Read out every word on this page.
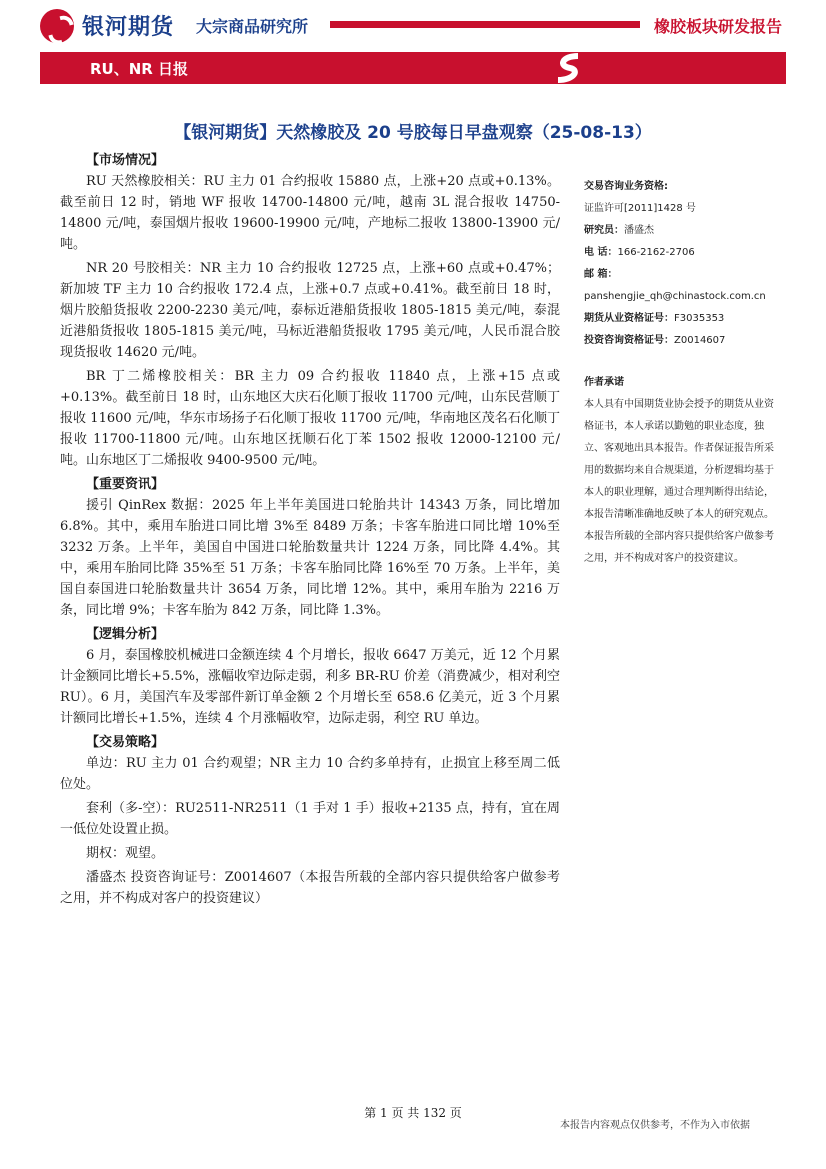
银河期货 大宗商品研究所	橡胶板块研发报告
RU、NR 日报
【银河期货】天然橡胶及 20 号胶每日早盘观察（25-08-13）

【市场情况】

RU 天然橡胶相关：RU 主力 01 合约报收 15880 点，上涨+20 点或+0.13%。截至前日 12 时，销地 WF 报收 14700-14800 元/吨，越南 3L 混合报收 14750-14800 元/吨，泰国烟片报收 19600-19900 元/吨，产地标二报收 13800-13900 元/吨。

NR 20 号胶相关：NR 主力 10 合约报收 12725 点，上涨+60 点或+0.47%；新加坡 TF 主力 10 合约报收 172.4 点，上涨+0.7 点或+0.41%。截至前日 18 时，烟片胶船货报收 2200-2230 美元/吨，泰标近港船货报收 1805-1815 美元/吨，泰混近港船货报收 1805-1815 美元/吨，马标近港船货报收 1795 美元/吨，人民币混合胶现货报收 14620 元/吨。

BR 丁二烯橡胶相关：BR 主力 09 合约报收 11840 点，上涨+15 点或+0.13%。截至前日 18 时，山东地区大庆石化顺丁报收 11700 元/吨，山东民营顺丁报收 11600 元/吨，华东市场扬子石化顺丁报收 11700 元/吨，华南地区茂名石化顺丁报收 11700-11800 元/吨。山东地区抚顺石化丁苯 1502 报收 12000-12100 元/吨。山东地区丁二烯报收 9400-9500 元/吨。

【重要资讯】

援引 QinRex 数据：2025 年上半年美国进口轮胎共计 14343 万条，同比增加 6.8%。其中，乘用车胎进口同比增 3%至 8489 万条；卡客车胎进口同比增 10%至 3232 万条。上半年，美国自中国进口轮胎数量共计 1224 万条，同比降 4.4%。其中，乘用车胎同比降 35%至 51 万条；卡客车胎同比降 16%至 70 万条。上半年，美国自泰国进口轮胎数量共计 3654 万条，同比增 12%。其中，乘用车胎为 2216 万条，同比增 9%；卡客车胎为 842 万条，同比降 1.3%。

【逻辑分析】

6 月，泰国橡胶机械进口金额连续 4 个月增长，报收 6647 万美元，近 12 个月累计金额同比增长+5.5%，涨幅收窄边际走弱，利多 BR-RU 价差（消费减少，相对利空 RU）。6 月，美国汽车及零部件新订单金额 2 个月增长至 658.6 亿美元，近 3 个月累计额同比增长+1.5%，连续 4 个月涨幅收窄，边际走弱，利空 RU 单边。

【交易策略】

单边：RU 主力 01 合约观望；NR 主力 10 合约多单持有，止损宜上移至周二低位处。

套利（多-空）：RU2511-NR2511（1 手对 1 手）报收+2135 点，持有，宜在周一低位处设置止损。

期权：观望。

潘盛杰 投资咨询证号：Z0014607（本报告所载的全部内容只提供给客户做参考之用，并不构成对客户的投资建议）

交易咨询业务资格:

证监许可[2011]1428 号

研究员：潘盛杰

电 话：166-2162-2706

邮 箱：

panshengjie_qh@chinastock.com.cn

期货从业资格证号：F3035353

投资咨询资格证号：Z0014607

作者承诺

本人具有中国期货业协会授予的期货从业资格证书，本人承诺以勤勉的职业态度，独立、客观地出具本报告。作者保证报告所采用的数据均来自合规渠道，分析逻辑均基于本人的职业理解，通过合理判断得出结论，本报告清晰准确地反映了本人的研究观点。本报告所载的全部内容只提供给客户做参考之用，并不构成对客户的投资建议。

第 1 页 共 132 页
本报告内容观点仅供参考，不作为入市依据
